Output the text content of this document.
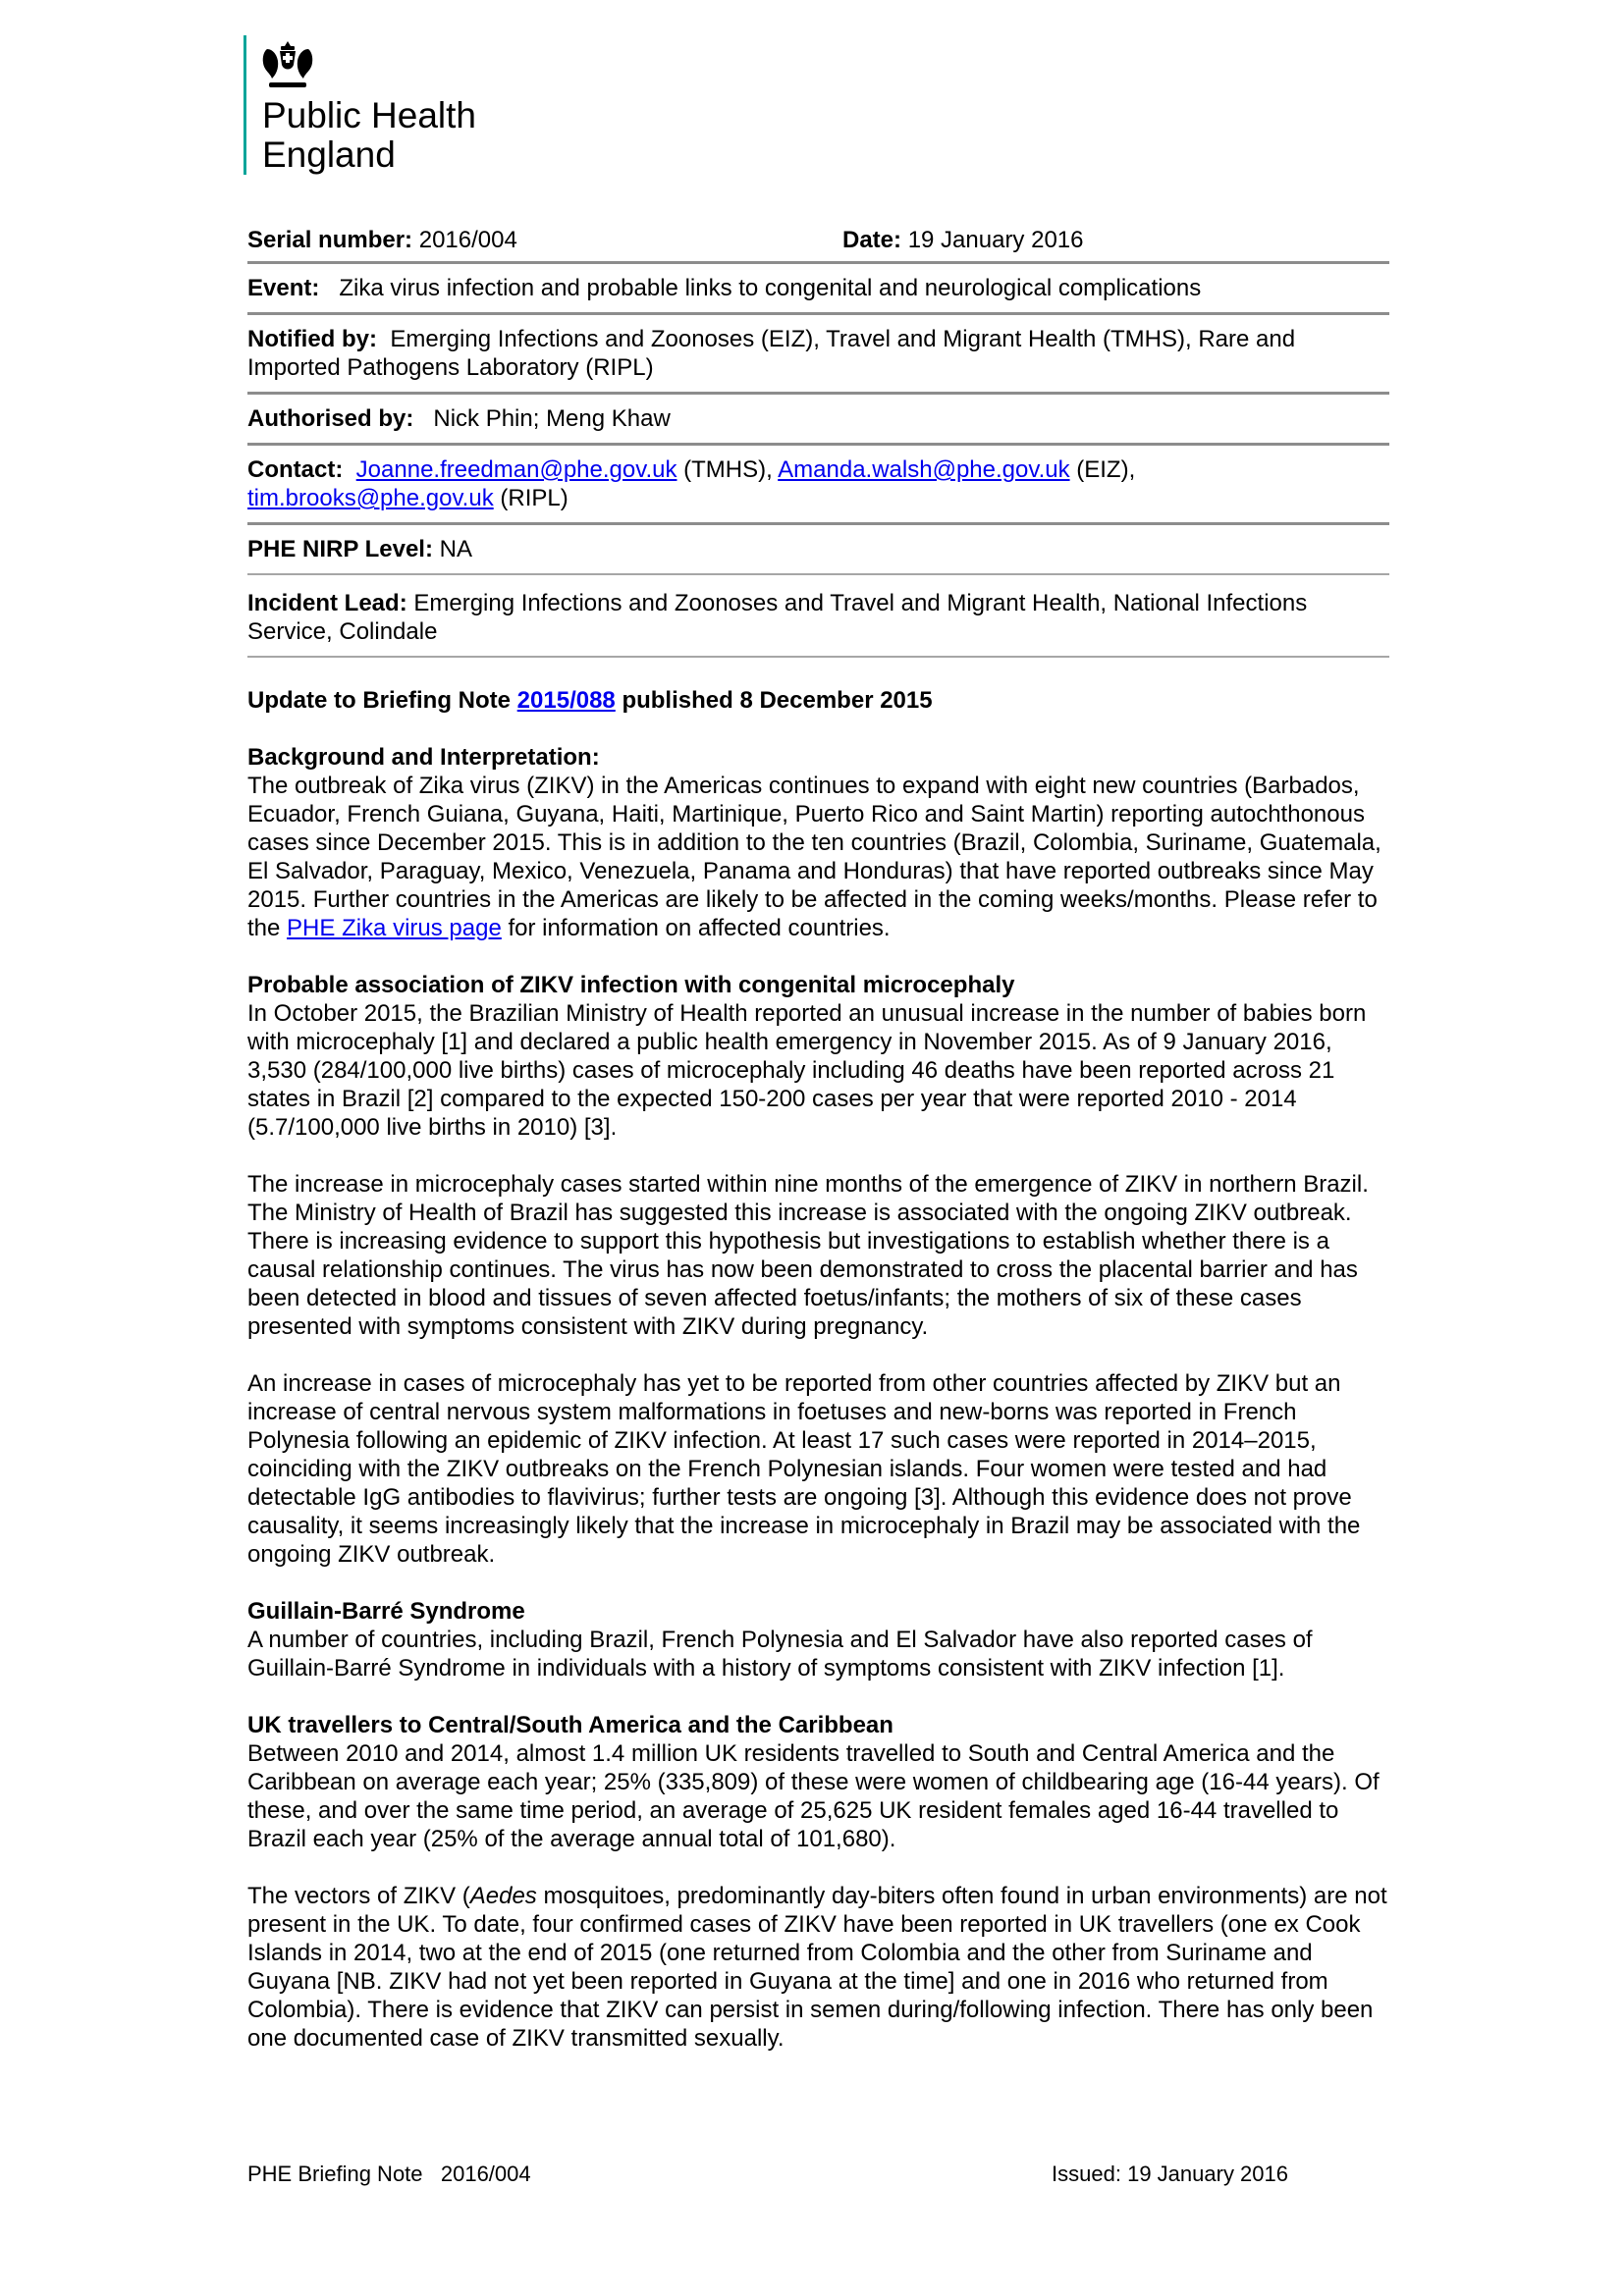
Public Health
England
Serial number: 2016/004	Date: 19 January 2016
Event: Zika virus infection and probable links to congenital and neurological complications
Notified by: Emerging Infections and Zoonoses (EIZ), Travel and Migrant Health (TMHS), Rare and Imported Pathogens Laboratory (RIPL)
Authorised by: Nick Phin; Meng Khaw
Contact: Joanne.freedman@phe.gov.uk (TMHS), Amanda.walsh@phe.gov.uk (EIZ),
tim.brooks@phe.gov.uk (RIPL)
PHE NIRP Level: NA
Incident Lead: Emerging Infections and Zoonoses and Travel and Migrant Health, National Infections Service, Colindale

Update to Briefing Note 2015/088 published 8 December 2015

Background and Interpretation:

The outbreak of Zika virus (ZIKV) in the Americas continues to expand with eight new countries (Barbados, Ecuador, French Guiana, Guyana, Haiti, Martinique, Puerto Rico and Saint Martin) reporting autochthonous cases since December 2015. This is in addition to the ten countries (Brazil, Colombia, Suriname, Guatemala, El Salvador, Paraguay, Mexico, Venezuela, Panama and Honduras) that have reported outbreaks since May 2015. Further countries in the Americas are likely to be affected in the coming weeks/months. Please refer to the PHE Zika virus page for information on affected countries.

Probable association of ZIKV infection with congenital microcephaly

In October 2015, the Brazilian Ministry of Health reported an unusual increase in the number of babies born with microcephaly [1] and declared a public health emergency in November 2015. As of 9 January 2016, 3,530 (284/100,000 live births) cases of microcephaly including 46 deaths have been reported across 21 states in Brazil [2] compared to the expected 150-200 cases per year that were reported 2010 - 2014 (5.7/100,000 live births in 2010) [3].

The increase in microcephaly cases started within nine months of the emergence of ZIKV in northern Brazil. The Ministry of Health of Brazil has suggested this increase is associated with the ongoing ZIKV outbreak. There is increasing evidence to support this hypothesis but investigations to establish whether there is a causal relationship continues. The virus has now been demonstrated to cross the placental barrier and has been detected in blood and tissues of seven affected foetus/infants; the mothers of six of these cases presented with symptoms consistent with ZIKV during pregnancy.

An increase in cases of microcephaly has yet to be reported from other countries affected by ZIKV but an increase of central nervous system malformations in foetuses and new-borns was reported in French Polynesia following an epidemic of ZIKV infection. At least 17 such cases were reported in 2014–2015, coinciding with the ZIKV outbreaks on the French Polynesian islands. Four women were tested and had detectable IgG antibodies to flavivirus; further tests are ongoing [3]. Although this evidence does not prove causality, it seems increasingly likely that the increase in microcephaly in Brazil may be associated with the ongoing ZIKV outbreak.

Guillain-Barré Syndrome

A number of countries, including Brazil, French Polynesia and El Salvador have also reported cases of Guillain-Barré Syndrome in individuals with a history of symptoms consistent with ZIKV infection [1].

UK travellers to Central/South America and the Caribbean

Between 2010 and 2014, almost 1.4 million UK residents travelled to South and Central America and the Caribbean on average each year; 25% (335,809) of these were women of childbearing age (16-44 years). Of these, and over the same time period, an average of 25,625 UK resident females aged 16-44 travelled to Brazil each year (25% of the average annual total of 101,680).

The vectors of ZIKV (Aedes mosquitoes, predominantly day-biters often found in urban environments) are not present in the UK. To date, four confirmed cases of ZIKV have been reported in UK travellers (one ex Cook Islands in 2014, two at the end of 2015 (one returned from Colombia and the other from Suriname and Guyana [NB. ZIKV had not yet been reported in Guyana at the time] and one in 2016 who returned from Colombia). There is evidence that ZIKV can persist in semen during/following infection. There has only been one documented case of ZIKV transmitted sexually.

PHE Briefing Note   2016/004	Issued: 19 January 2016
